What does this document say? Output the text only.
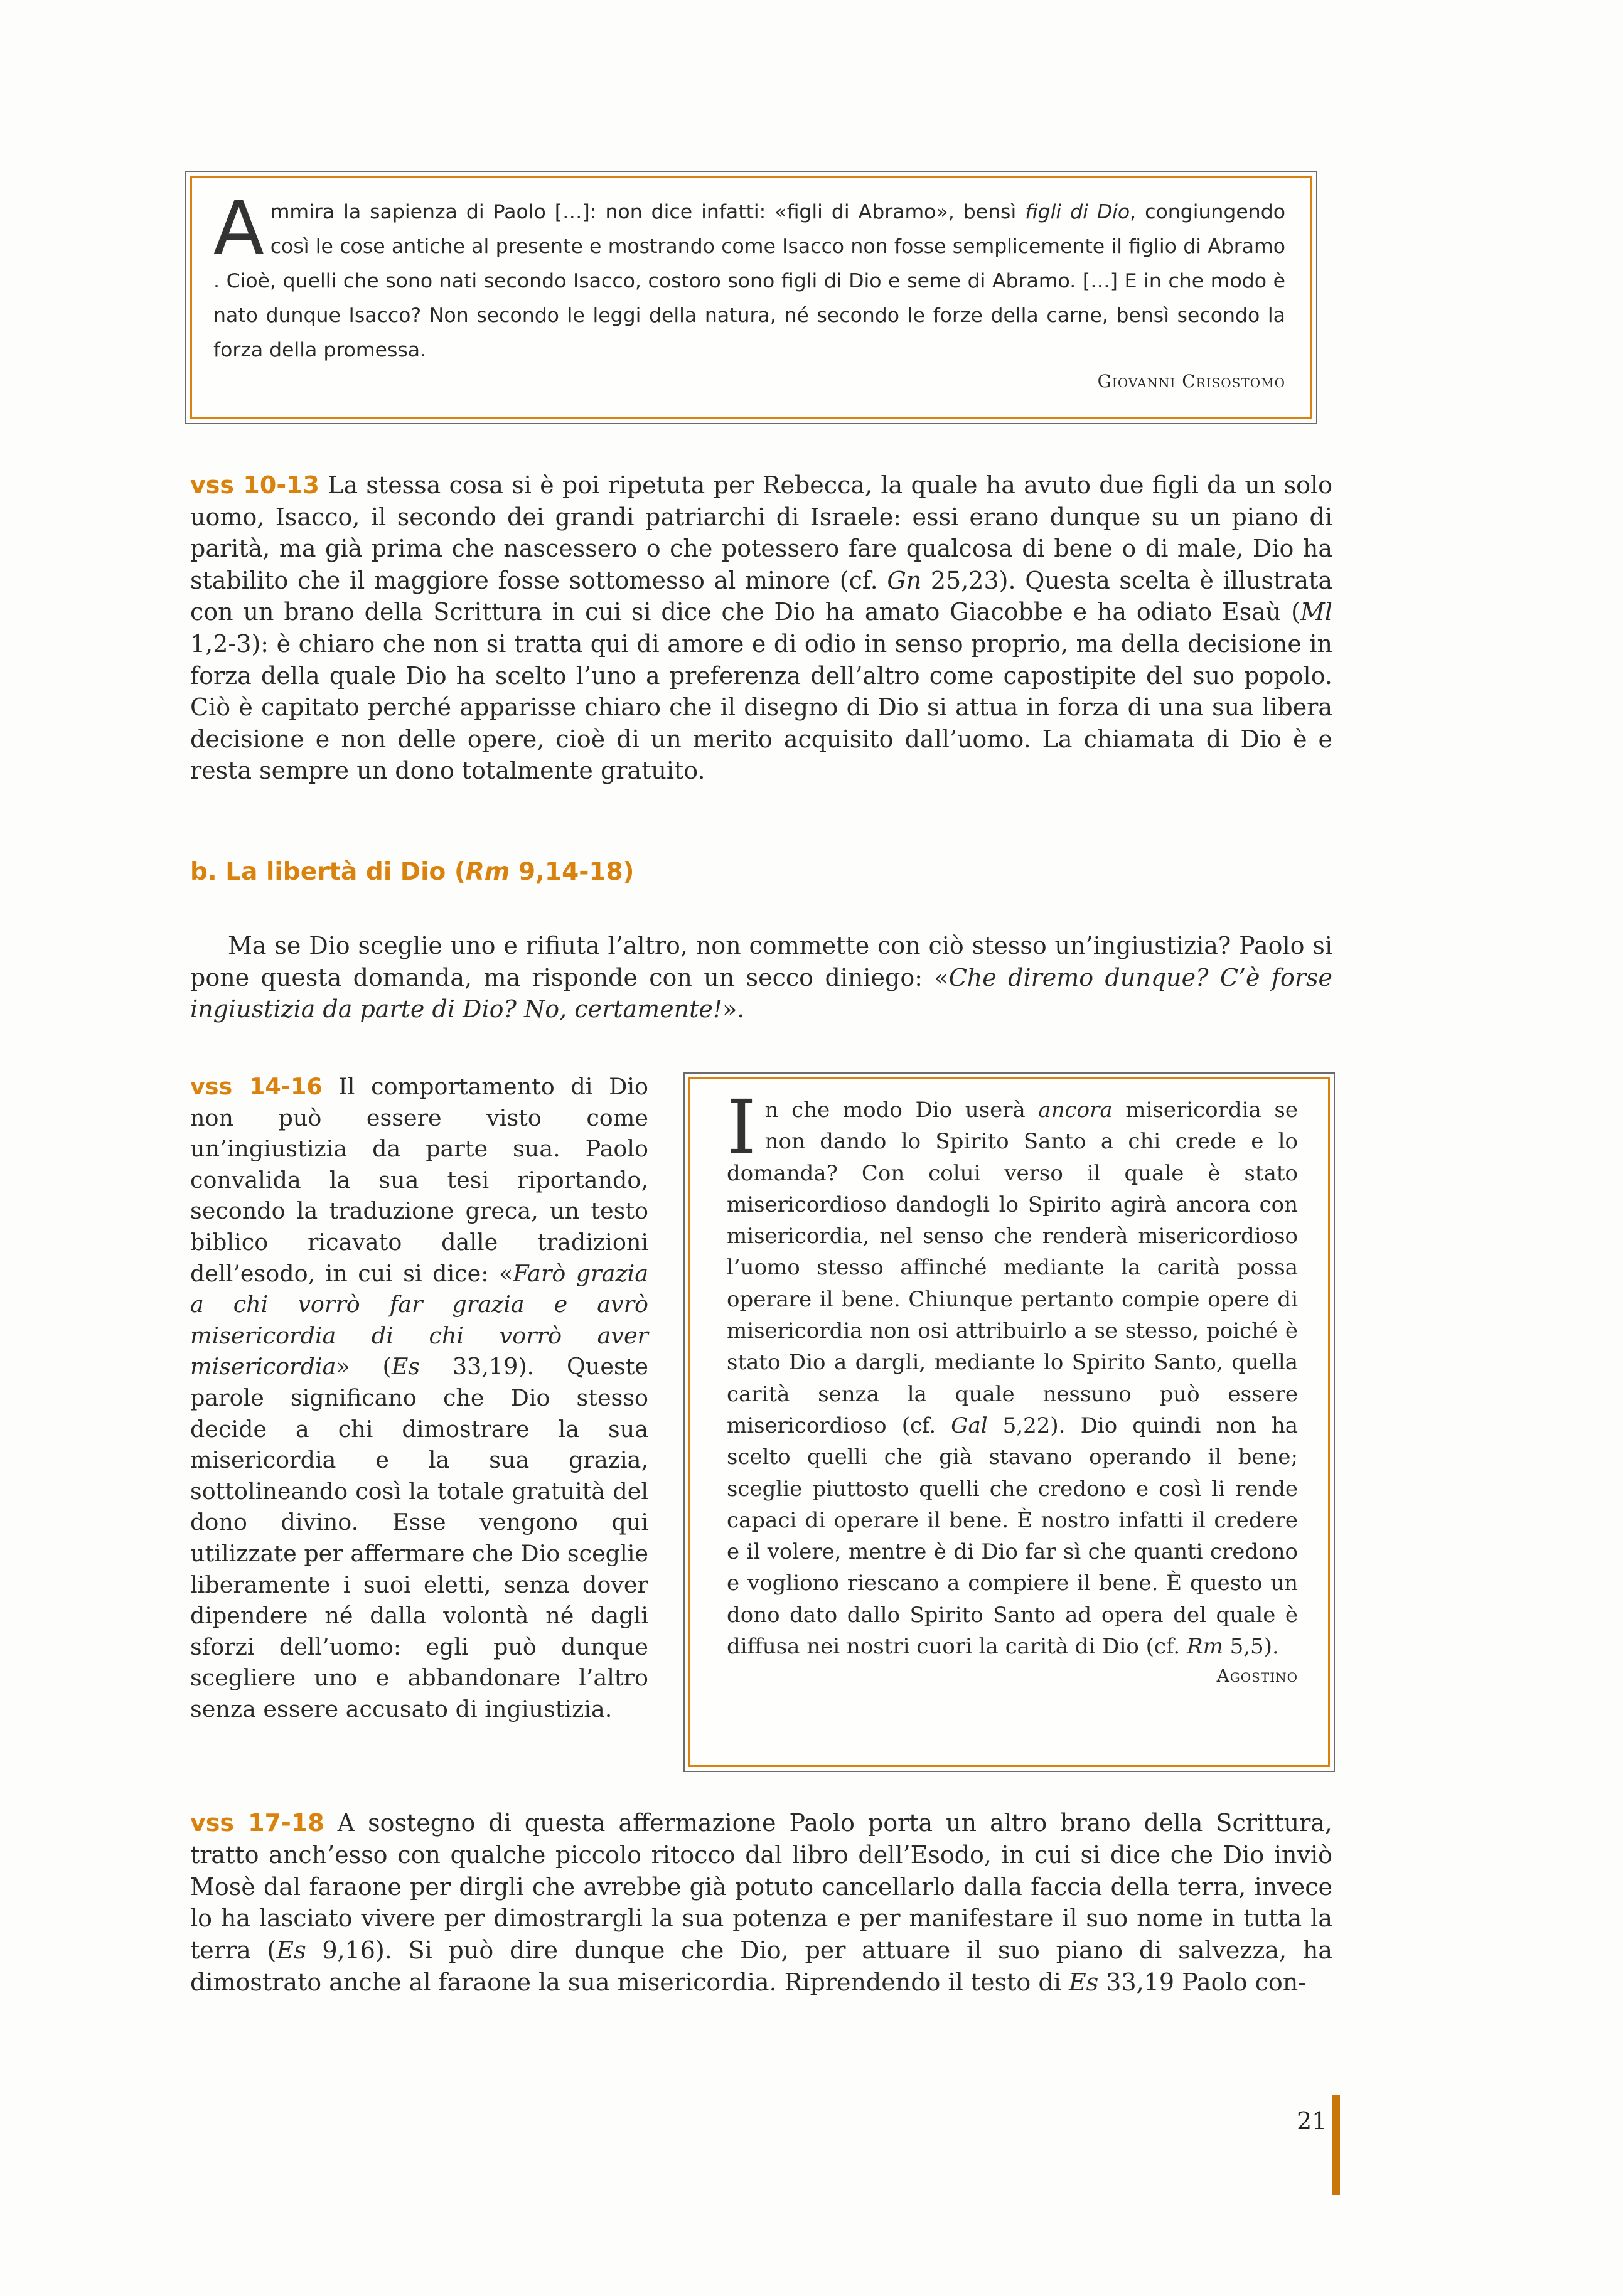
A mmira la sapienza di Paolo […]: non dice infatti: «figli di Abramo», bensì figli di Dio, congiungendo così le cose antiche al presente e mostrando come Isacco non fosse semplicemente il figlio di Abramo . Cioè, quelli che sono nati secondo Isacco, costoro sono figli di Dio e seme di Abramo. […] E in che modo è nato dunque Isacco? Non secondo le leggi della natura, né secondo le forze della carne, bensì secondo la forza della promessa.

Giovanni Crisostomo

vss 10-13 La stessa cosa si è poi ripetuta per Rebecca, la quale ha avuto due figli da un solo uomo, Isacco, il secondo dei grandi patriarchi di Israele: essi erano dunque su un piano di parità, ma già prima che nascessero o che potessero fare qualcosa di bene o di male, Dio ha stabilito che il maggiore fosse sottomesso al minore (cf. Gn 25,23). Questa scelta è illustrata con un brano della Scrittura in cui si dice che Dio ha amato Giacobbe e ha odiato Esaù (Ml 1,2-3): è chiaro che non si tratta qui di amore e di odio in senso proprio, ma della decisione in forza della quale Dio ha scelto l’uno a preferenza dell’altro come capostipite del suo popolo. Ciò è capitato perché apparisse chiaro che il disegno di Dio si attua in forza di una sua libera decisione e non delle opere, cioè di un merito acquisito dall’uomo. La chiamata di Dio è e resta sempre un dono totalmente gratuito.

b. La libertà di Dio (Rm 9,14-18)

Ma se Dio sceglie uno e rifiuta l’altro, non commette con ciò stesso un’ingiustizia? Paolo si pone questa domanda, ma risponde con un secco diniego: «Che diremo dunque? C’è forse ingiustizia da parte di Dio? No, certamente!».

vss 14-16 Il comportamento di Dio non può essere visto come un’ingiustizia da parte sua. Paolo convalida la sua tesi riportando, secondo la traduzione greca, un testo biblico ricavato dalle tradizioni dell’esodo, in cui si dice: «Farò grazia a chi vorrò far grazia e avrò misericordia di chi vorrò aver misericordia» (Es 33,19). Queste parole significano che Dio stesso decide a chi dimostrare la sua misericordia e la sua grazia, sottolineando così la totale gratuità del dono divino. Esse vengono qui utilizzate per affermare che Dio sceglie liberamente i suoi eletti, senza dover dipendere né dalla volontà né dagli sforzi dell’uomo: egli può dunque scegliere uno e abbandonare l’altro senza essere accusato di ingiustizia.

I n che modo Dio userà ancora misericordia se non dando lo Spirito Santo a chi crede e lo domanda? Con colui verso il quale è stato misericordioso dandogli lo Spirito agirà ancora con misericordia, nel senso che renderà misericordioso l’uomo stesso affinché mediante la carità possa operare il bene. Chiunque pertanto compie opere di misericordia non osi attribuirlo a se stesso, poiché è stato Dio a dargli, mediante lo Spirito Santo, quella carità senza la quale nessuno può essere misericordioso (cf. Gal 5,22). Dio quindi non ha scelto quelli che già stavano operando il bene; sceglie piuttosto quelli che credono e così li rende capaci di operare il bene. È nostro infatti il credere e il volere, mentre è di Dio far sì che quanti credono e vogliono riescano a compiere il bene. È questo un dono dato dallo Spirito Santo ad opera del quale è diffusa nei nostri cuori la carità di Dio (cf. Rm 5,5).

Agostino

vss 17-18 A sostegno di questa affermazione Paolo porta un altro brano della Scrittura, tratto anch’esso con qualche piccolo ritocco dal libro dell’Esodo, in cui si dice che Dio inviò Mosè dal faraone per dirgli che avrebbe già potuto cancellarlo dalla faccia della terra, invece lo ha lasciato vivere per dimostrargli la sua potenza e per manifestare il suo nome in tutta la terra (Es 9,16). Si può dire dunque che Dio, per attuare il suo piano di salvezza, ha dimostrato anche al faraone la sua misericordia. Riprendendo il testo di Es 33,19 Paolo con-

21
